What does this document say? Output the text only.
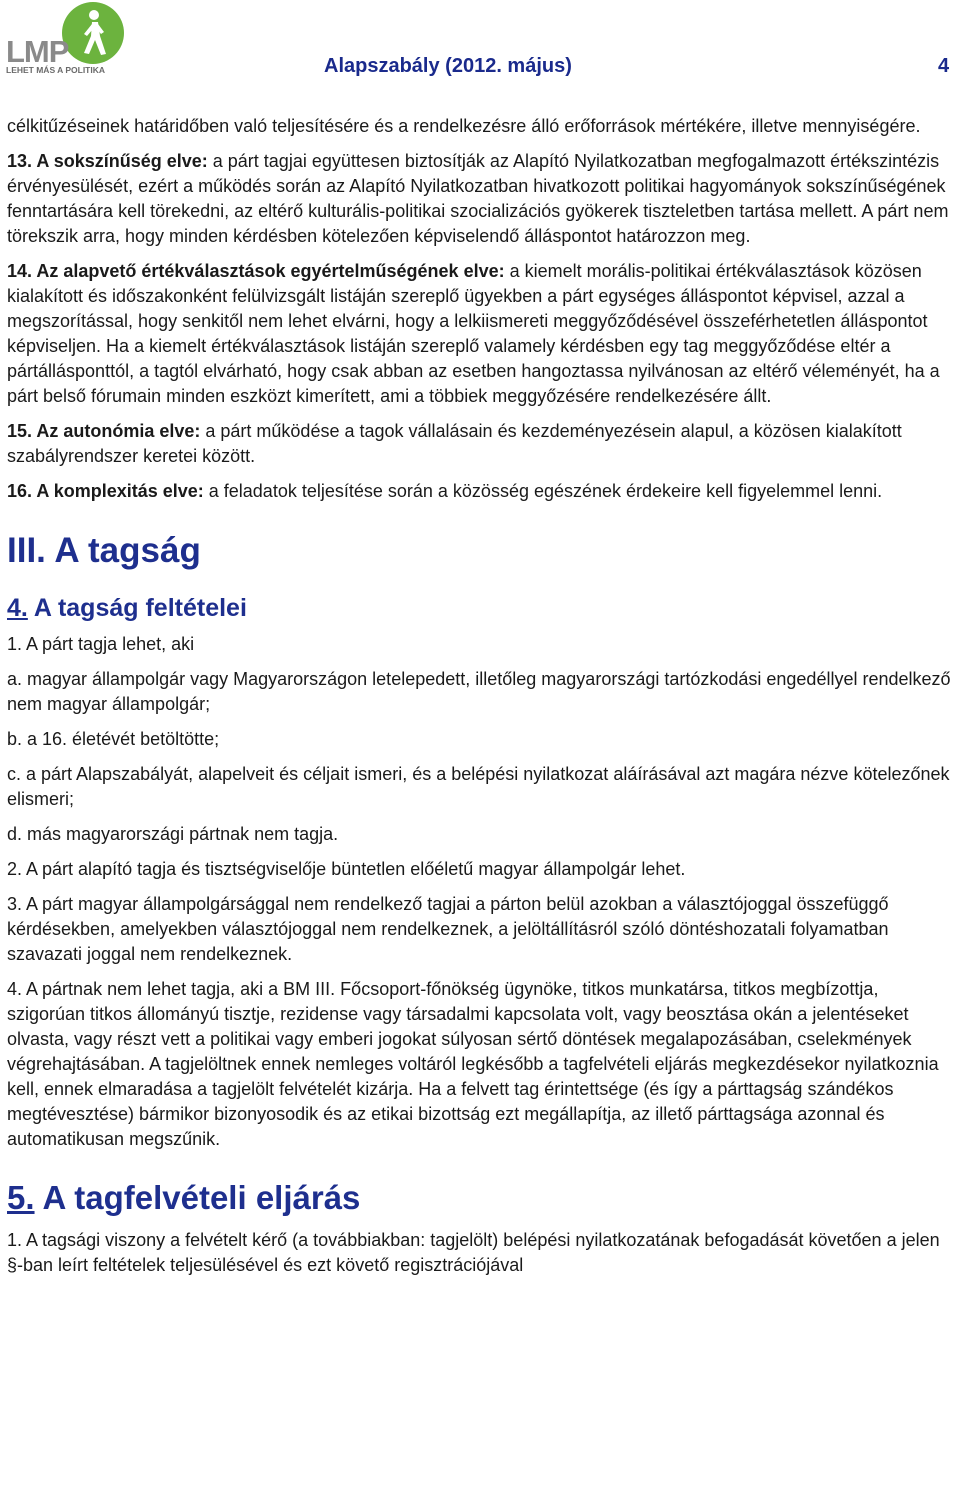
LMP
LEHET MÁS A POLITIKA	Alapszabály (2012. május)	4

célkitűzéseinek határidőben való teljesítésére és a rendelkezésre álló erőforrások mértékére, illetve mennyiségére.

13. A sokszínűség elve: a párt tagjai együttesen biztosítják az Alapító Nyilatkozatban megfogalmazott értékszintézis érvényesülését, ezért a működés során az Alapító Nyilatkozatban hivatkozott politikai hagyományok sokszínűségének fenntartására kell törekedni, az eltérő kulturális-politikai szocializációs gyökerek tiszteletben tartása mellett. A párt nem törekszik arra, hogy minden kérdésben kötelezően képviselendő álláspontot határozzon meg.

14. Az alapvető értékválasztások egyértelműségének elve: a kiemelt morális-politikai értékválasztások közösen kialakított és időszakonként felülvizsgált listáján szereplő ügyekben a párt egységes álláspontot képvisel, azzal a megszorítással, hogy senkitől nem lehet elvárni, hogy a lelkiismereti meggyőződésével összeférhetetlen álláspontot képviseljen. Ha a kiemelt értékválasztások listáján szereplő valamely kérdésben egy tag meggyőződése eltér a pártállásponttól, a tagtól elvárható, hogy csak abban az esetben hangoztassa nyilvánosan az eltérő véleményét, ha a párt belső fórumain minden eszközt kimerített, ami a többiek meggyőzésére rendelkezésére állt.

15. Az autonómia elve: a párt működése a tagok vállalásain és kezdeményezésein alapul, a közösen kialakított szabályrendszer keretei között.

16. A komplexitás elve: a feladatok teljesítése során a közösség egészének érdekeire kell figyelemmel lenni.

III. A tagság
4. A tagság feltételei

1. A párt tagja lehet, aki

a. magyar állampolgár vagy Magyarországon letelepedett, illetőleg magyarországi tartózkodási engedéllyel rendelkező nem magyar állampolgár;

b. a 16. életévét betöltötte;

c. a párt Alapszabályát, alapelveit és céljait ismeri, és a belépési nyilatkozat aláírásával azt magára nézve kötelezőnek elismeri;

d. más magyarországi pártnak nem tagja.

2. A párt alapító tagja és tisztségviselője büntetlen előéletű magyar állampolgár lehet.

3. A párt magyar állampolgársággal nem rendelkező tagjai a párton belül azokban a választójoggal összefüggő kérdésekben, amelyekben választójoggal nem rendelkeznek, a jelöltállításról szóló döntéshozatali folyamatban szavazati joggal nem rendelkeznek.

4. A pártnak nem lehet tagja, aki a BM III. Főcsoport-főnökség ügynöke, titkos munkatársa, titkos megbízottja, szigorúan titkos állományú tisztje, rezidense vagy társadalmi kapcsolata volt, vagy beosztása okán a jelentéseket olvasta, vagy részt vett a politikai vagy emberi jogokat súlyosan sértő döntések megalapozásában, cselekmények végrehajtásában. A tagjelöltnek ennek nemleges voltáról legkésőbb a tagfelvételi eljárás megkezdésekor nyilatkoznia kell, ennek elmaradása a tagjelölt felvételét kizárja. Ha a felvett tag érintettsége (és így a párttagság szándékos megtévesztése) bármikor bizonyosodik és az etikai bizottság ezt megállapítja, az illető párttagsága azonnal és automatikusan megszűnik.

5. A tagfelvételi eljárás

1. A tagsági viszony a felvételt kérő (a továbbiakban: tagjelölt) belépési nyilatkozatának befogadását követően a jelen §-ban leírt feltételek teljesülésével és ezt követő regisztrációjával
